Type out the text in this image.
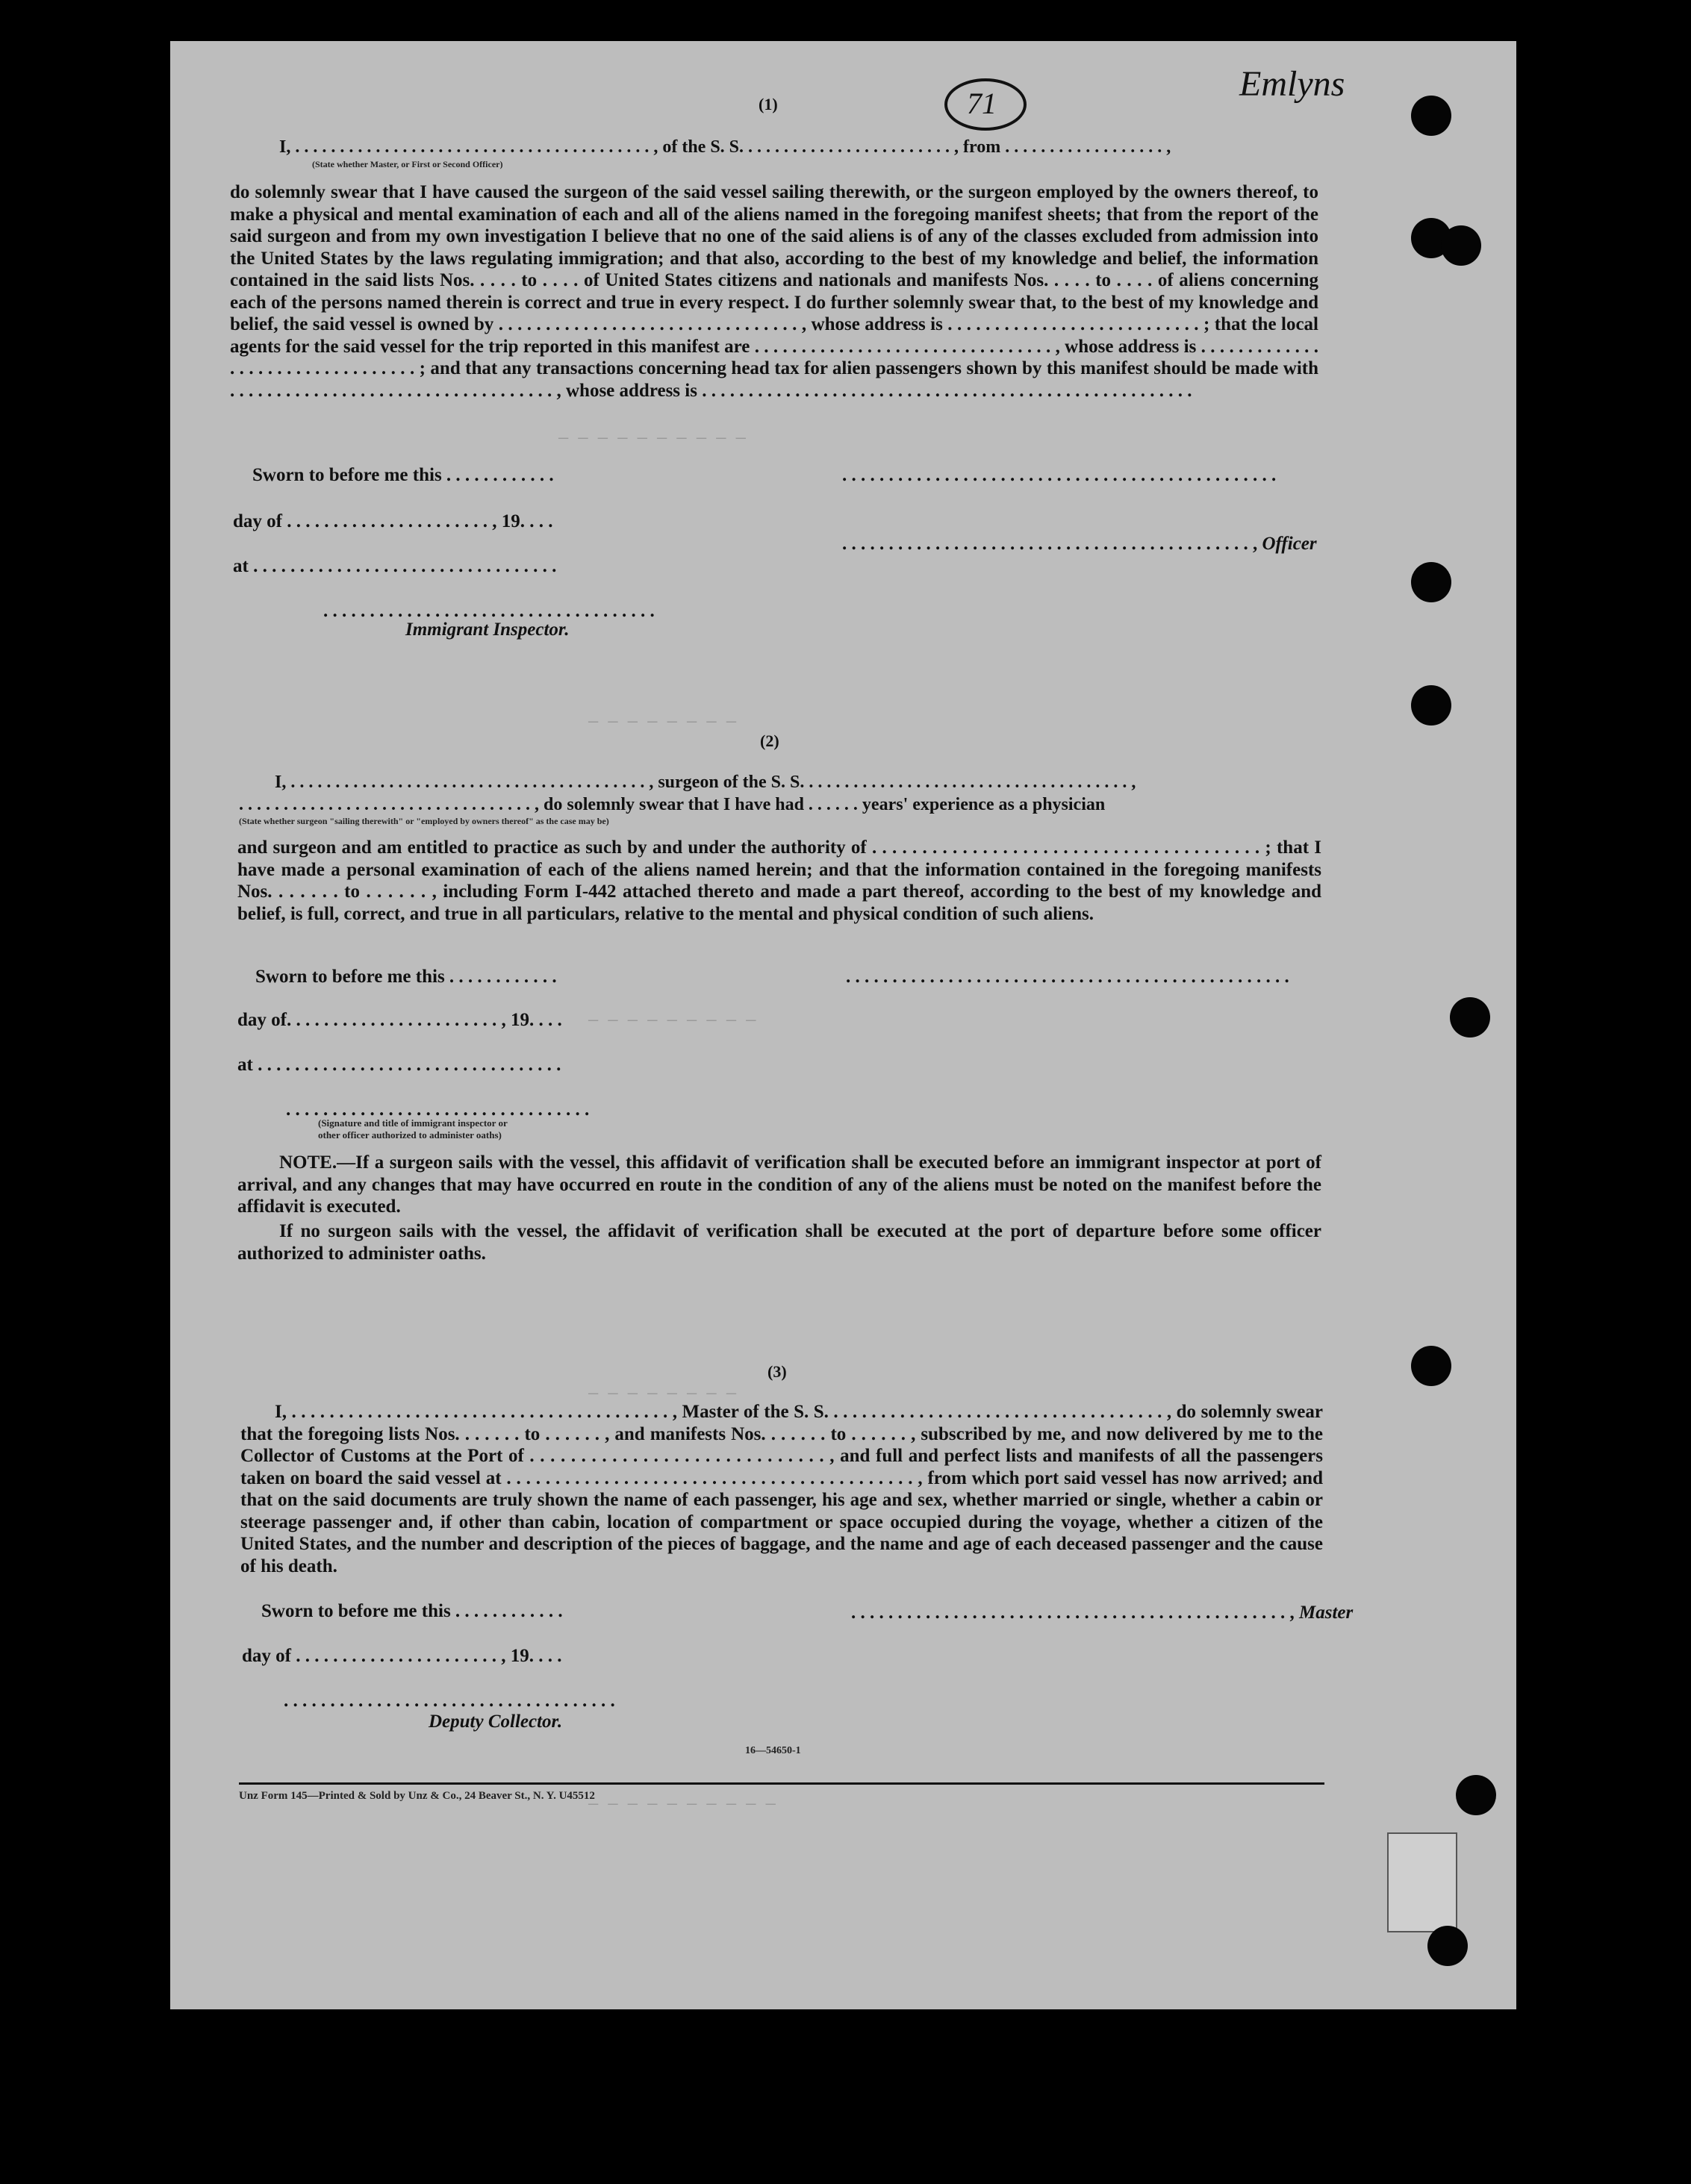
— — — — — — — — — —
— — — — — — — —
— — — — — — — — —
— — — — — — — —
— — — — — — — — — —
71	Emlyns
(1)
I, . . . . . . . . . . . . . . . . . . . . . . . . . . . . . . . . . . . . . . . . , of the S. S. . . . . . . . . . . . . . . . . . . . . . . . , from . . . . . . . . . . . . . . . . . . ,
(State whether Master, or First or Second Officer)
do solemnly swear that I have caused the surgeon of the said vessel sailing therewith, or the surgeon employed by the owners thereof, to make a physical and mental examination of each and all of the aliens named in the foregoing manifest sheets; that from the report of the said surgeon and from my own investigation I believe that no one of the said aliens is of any of the classes excluded from admission into the United States by the laws regulating immigration; and that also, according to the best of my knowledge and belief, the information contained in the said lists Nos. . . . . to . . . . of United States citizens and nationals and manifests Nos. . . . . to . . . . of aliens concerning each of the persons named therein is correct and true in every respect. I do further solemnly swear that, to the best of my knowledge and belief, the said vessel is owned by . . . . . . . . . . . . . . . . . . . . . . . . . . . . . . . . , whose address is . . . . . . . . . . . . . . . . . . . . . . . . . . . ; that the local agents for the said vessel for the trip reported in this manifest are . . . . . . . . . . . . . . . . . . . . . . . . . . . . . . . . , whose address is . . . . . . . . . . . . . . . . . . . . . . . . . . . . . . . . . ; and that any transactions concerning head tax for alien passengers shown by this manifest should be made with . . . . . . . . . . . . . . . . . . . . . . . . . . . . . . . . . . . , whose address is . . . . . . . . . . . . . . . . . . . . . . . . . . . . . . . . . . . . . . . . . . . . . . . . . . . . .
Sworn to before me this . . . . . . . . . . . .	. . . . . . . . . . . . . . . . . . . . . . . . . . . . . . . . . . . . . . . . . . . . . . .
day of . . . . . . . . . . . . . . . . . . . . . . , 19. . . .
. . . . . . . . . . . . . . . . . . . . . . . . . . . . . . . . . . . . . . . . . . . . , Officer
at . . . . . . . . . . . . . . . . . . . . . . . . . . . . . . . . .
. . . . . . . . . . . . . . . . . . . . . . . . . . . . . . . . . . . .
Immigrant Inspector.
(2)
I, . . . . . . . . . . . . . . . . . . . . . . . . . . . . . . . . . . . . . . . . , surgeon of the S. S. . . . . . . . . . . . . . . . . . . . . . . . . . . . . . . . . . . . . ,
. . . . . . . . . . . . . . . . . . . . . . . . . . . . . . . . . , do solemnly swear that I have had . . . . . . years' experience as a physician
(State whether surgeon "sailing therewith" or "employed by owners thereof" as the case may be)
and surgeon and am entitled to practice as such by and under the authority of . . . . . . . . . . . . . . . . . . . . . . . . . . . . . . . . . . . . . . . ; that I have made a personal examination of each of the aliens named herein; and that the information contained in the foregoing manifests Nos. . . . . . . to . . . . . . , including Form I-442 attached thereto and made a part thereof, according to the best of my knowledge and belief, is full, correct, and true in all particulars, relative to the mental and physical condition of such aliens.
Sworn to before me this . . . . . . . . . . . .	. . . . . . . . . . . . . . . . . . . . . . . . . . . . . . . . . . . . . . . . . . . . . . . .
day of. . . . . . . . . . . . . . . . . . . . . . . , 19. . . .
at . . . . . . . . . . . . . . . . . . . . . . . . . . . . . . . . .
. . . . . . . . . . . . . . . . . . . . . . . . . . . . . . . . .
(Signature and title of immigrant inspector or
other officer authorized to administer oaths)
NOTE.—If a surgeon sails with the vessel, this affidavit of verification shall be executed before an immigrant inspector at port of arrival, and any changes that may have occurred en route in the condition of any of the aliens must be noted on the manifest before the affidavit is executed.
If no surgeon sails with the vessel, the affidavit of verification shall be executed at the port of departure before some officer authorized to administer oaths.
(3)
I, . . . . . . . . . . . . . . . . . . . . . . . . . . . . . . . . . . . . . . . . , Master of the S. S. . . . . . . . . . . . . . . . . . . . . . . . . . . . . . . . . . . . , do solemnly swear that the foregoing lists Nos. . . . . . . to . . . . . . , and manifests Nos. . . . . . . to . . . . . . , subscribed by me, and now delivered by me to the Collector of Customs at the Port of . . . . . . . . . . . . . . . . . . . . . . . . . . . . . , and full and perfect lists and manifests of all the passengers taken on board the said vessel at . . . . . . . . . . . . . . . . . . . . . . . . . . . . . . . . . . . . . . . . . . , from which port said vessel has now arrived; and that on the said documents are truly shown the name of each passenger, his age and sex, whether married or single, whether a cabin or steerage passenger and, if other than cabin, location of compartment or space occupied during the voyage, whether a citizen of the United States, and the number and description of the pieces of baggage, and the name and age of each deceased passenger and the cause of his death.
Sworn to before me this . . . . . . . . . . . .	. . . . . . . . . . . . . . . . . . . . . . . . . . . . . . . . . . . . . . . . . . . . . . . , Master
day of . . . . . . . . . . . . . . . . . . . . . . , 19. . . .
. . . . . . . . . . . . . . . . . . . . . . . . . . . . . . . . . . . .
Deputy Collector.
16—54650-1
Unz Form 145—Printed & Sold by Unz & Co., 24 Beaver St., N. Y. U45512
